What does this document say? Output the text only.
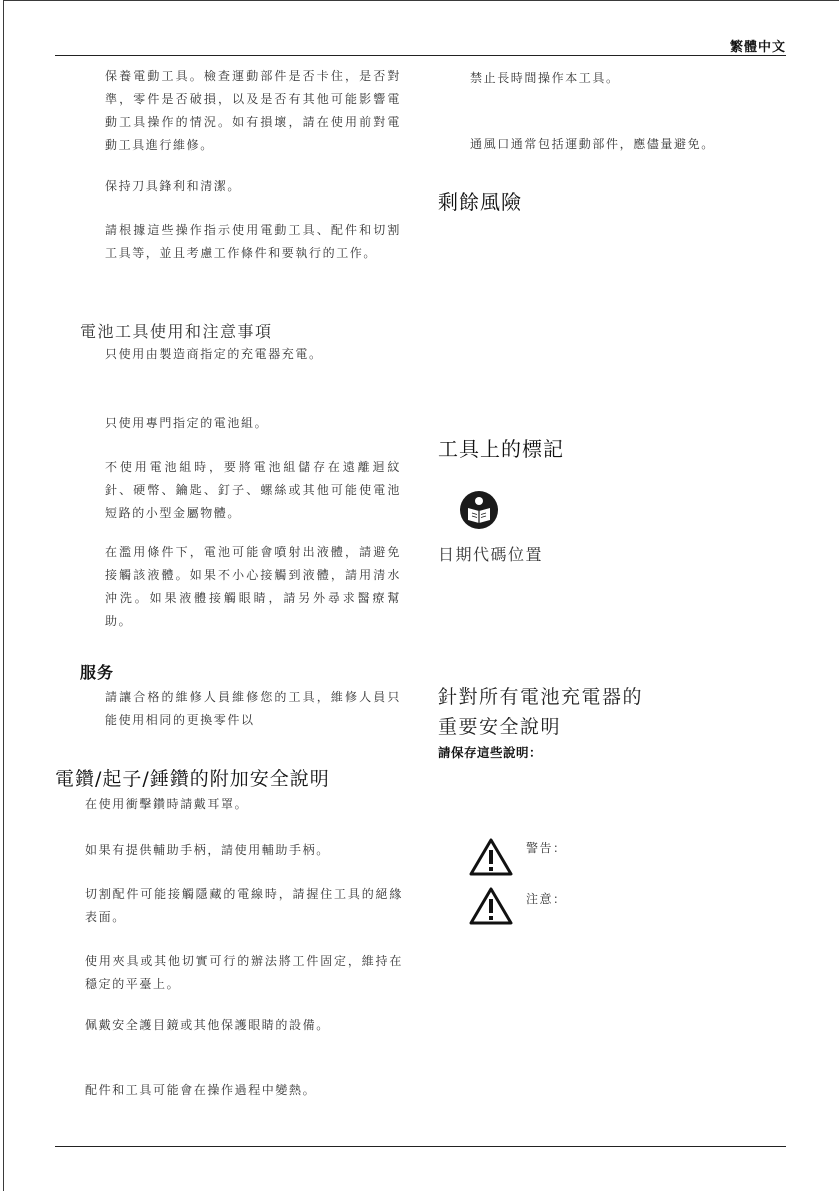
繁體中文

保養電動工具。檢查運動部件是否卡住，是否對準，零件是否破損，以及是否有其他可能影響電動工具操作的情況。如有損壞，請在使用前對電動工具進行維修。

保持刀具鋒利和清潔。

請根據這些操作指示使用電動工具、配件和切割工具等，並且考慮工作條件和要執行的工作。

電池工具使用和注意事項

只使用由製造商指定的充電器充電。

只使用專門指定的電池組。

不使用電池組時，要將電池組儲存在遠離迴紋針、硬幣、鑰匙、釘子、螺絲或其他可能使電池短路的小型金屬物體。

在濫用條件下，電池可能會噴射出液體，請避免接觸該液體。如果不小心接觸到液體，請用清水沖洗。如果液體接觸眼睛，請另外尋求醫療幫助。

服务

請讓合格的維修人員維修您的工具，維修人員只能使用相同的更換零件以

電鑽/起子/錘鑽的附加安全說明

在使用衝擊鑽時請戴耳罩。

如果有提供輔助手柄，請使用輔助手柄。

切割配件可能接觸隱藏的電線時，請握住工具的絕緣表面。

使用夾具或其他切實可行的辦法將工件固定，維持在穩定的平臺上。

佩戴安全護目鏡或其他保護眼睛的設備。

配件和工具可能會在操作過程中變熱。

禁止長時間操作本工具。

通風口通常包括運動部件，應儘量避免。

剩餘風險
工具上的標記
日期代碼位置
針對所有電池充電器的
重要安全說明
請保存這些說明：
警告：
注意：
